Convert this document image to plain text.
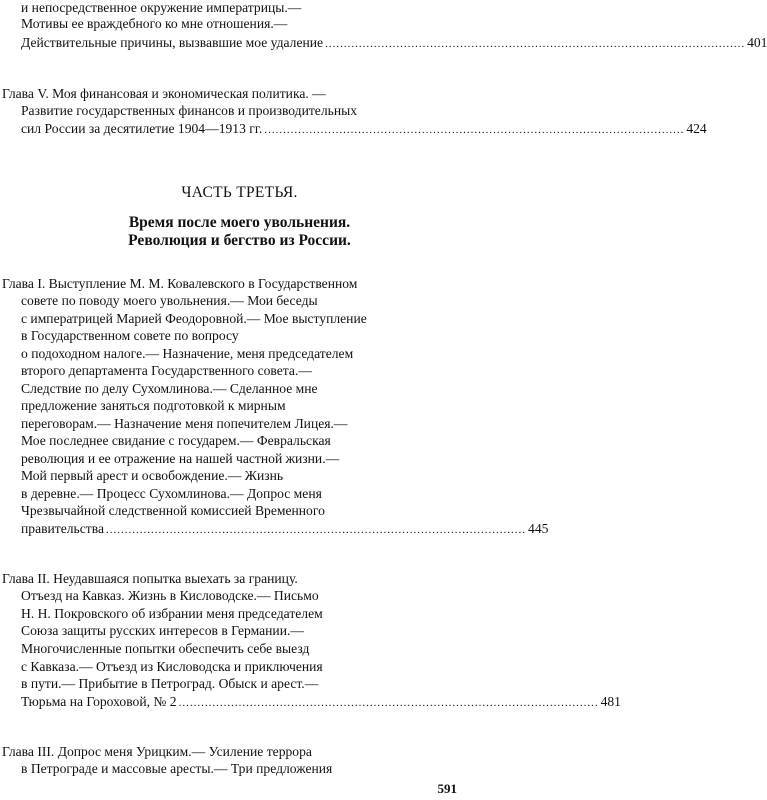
и непосредственное окружение императрицы.—
Мотивы ее враждебного ко мне отношения.—
Действительные причины, вызвавшие мое удаление ................................................................................................................ 401
Глава V. Моя финансовая и экономическая политика. —
Развитие государственных финансов и производительных
сил России за десятилетие 1904—1913 гг. ................................................................................................................ 424
ЧАСТЬ ТРЕТЬЯ.
Время после моего увольнения.
Революция и бегство из России.
Глава I. Выступление М. М. Ковалевского в Государственном
совете по поводу моего увольнения.— Мои беседы
с императрицей Марией Феодоровной.— Мое выступление
в Государственном совете по вопросу
о подоходном налоге.— Назначение, меня председателем
второго департамента Государственного совета.—
Следствие по делу Сухомлинова.— Сделанное мне
предложение заняться подготовкой к мирным
переговорам.— Назначение меня попечителем Лицея.—
Мое последнее свидание с государем.— Февральская
революция и ее отражение на нашей частной жизни.—
Мой первый арест и освобождение.— Жизнь
в деревне.— Процесс Сухомлинова.— Допрос меня
Чрезвычайной следственной комиссией Временного
правительства ................................................................................................................ 445
Глава II. Неудавшаяся попытка выехать за границу.
Отъезд на Кавказ. Жизнь в Кисловодске.— Письмо
Н. Н. Покровского об избрании меня председателем
Союза защиты русских интересов в Германии.—
Многочисленные попытки обеспечить себе выезд
с Кавказа.— Отъезд из Кисловодска и приключения
в пути.— Прибытие в Петроград. Обыск и арест.—
Тюрьма на Гороховой, № 2 ................................................................................................................ 481
Глава III. Допрос меня Урицким.— Усиление террора
в Петрограде и массовые аресты.— Три предложения
591
